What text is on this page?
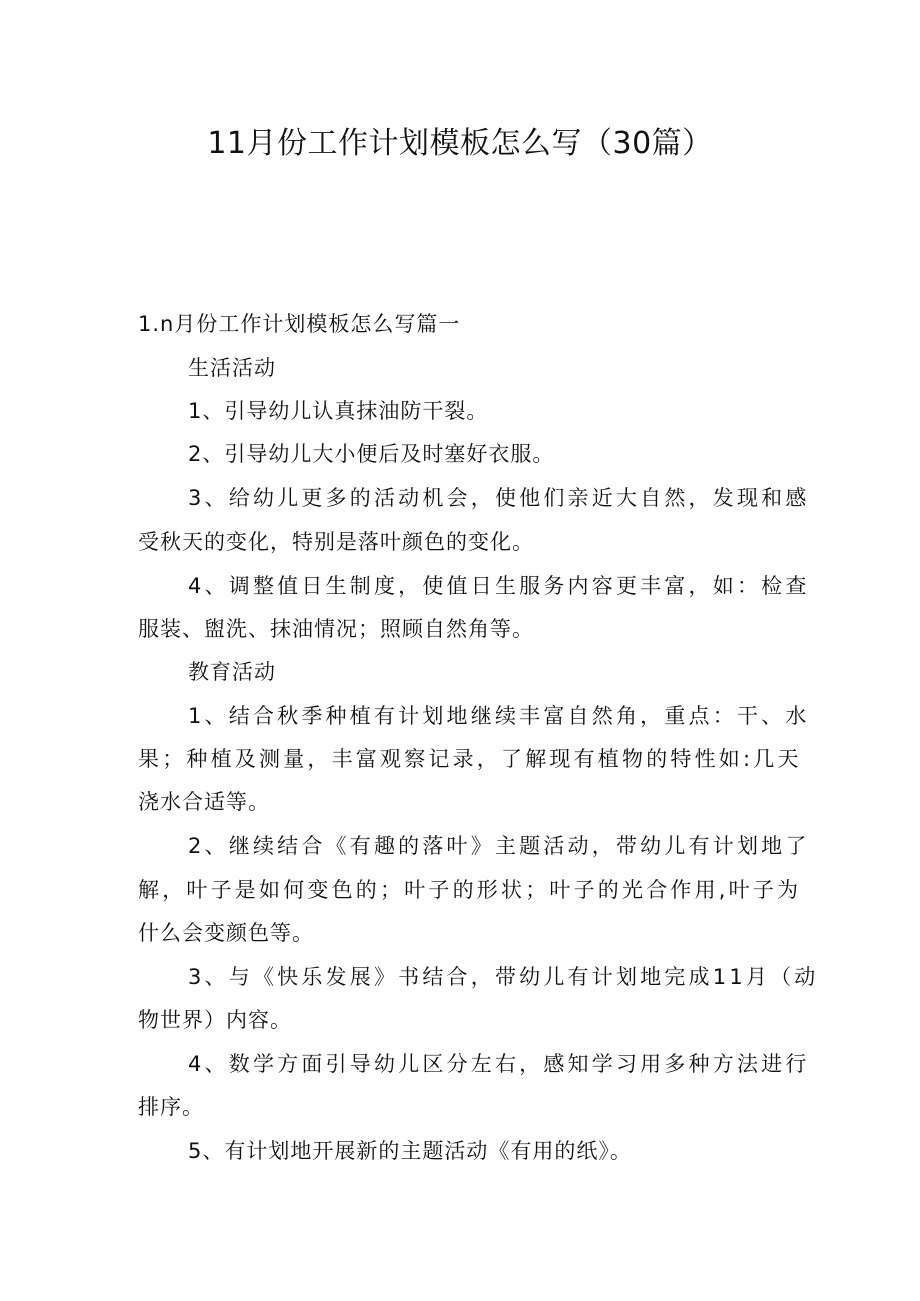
11月份工作计划模板怎么写（30篇）
1.n月份工作计划模板怎么写篇一
生活活动
1、引导幼儿认真抹油防干裂。
2、引导幼儿大小便后及时塞好衣服。
3、给幼儿更多的活动机会，使他们亲近大自然，发现和感
受秋天的变化，特别是落叶颜色的变化。
4、调整值日生制度，使值日生服务内容更丰富，如：检查
服装、盥洗、抹油情况；照顾自然角等。
教育活动
1、结合秋季种植有计划地继续丰富自然角，重点：干、水
果；种植及测量，丰富观察记录，了解现有植物的特性如:几天
浇水合适等。
2、继续结合《有趣的落叶》主题活动，带幼儿有计划地了
解，叶子是如何变色的；叶子的形状；叶子的光合作用,叶子为
什么会变颜色等。
3、与《快乐发展》书结合，带幼儿有计划地完成11月（动
物世界）内容。
4、数学方面引导幼儿区分左右，感知学习用多种方法进行
排序。
5、有计划地开展新的主题活动《有用的纸》。
